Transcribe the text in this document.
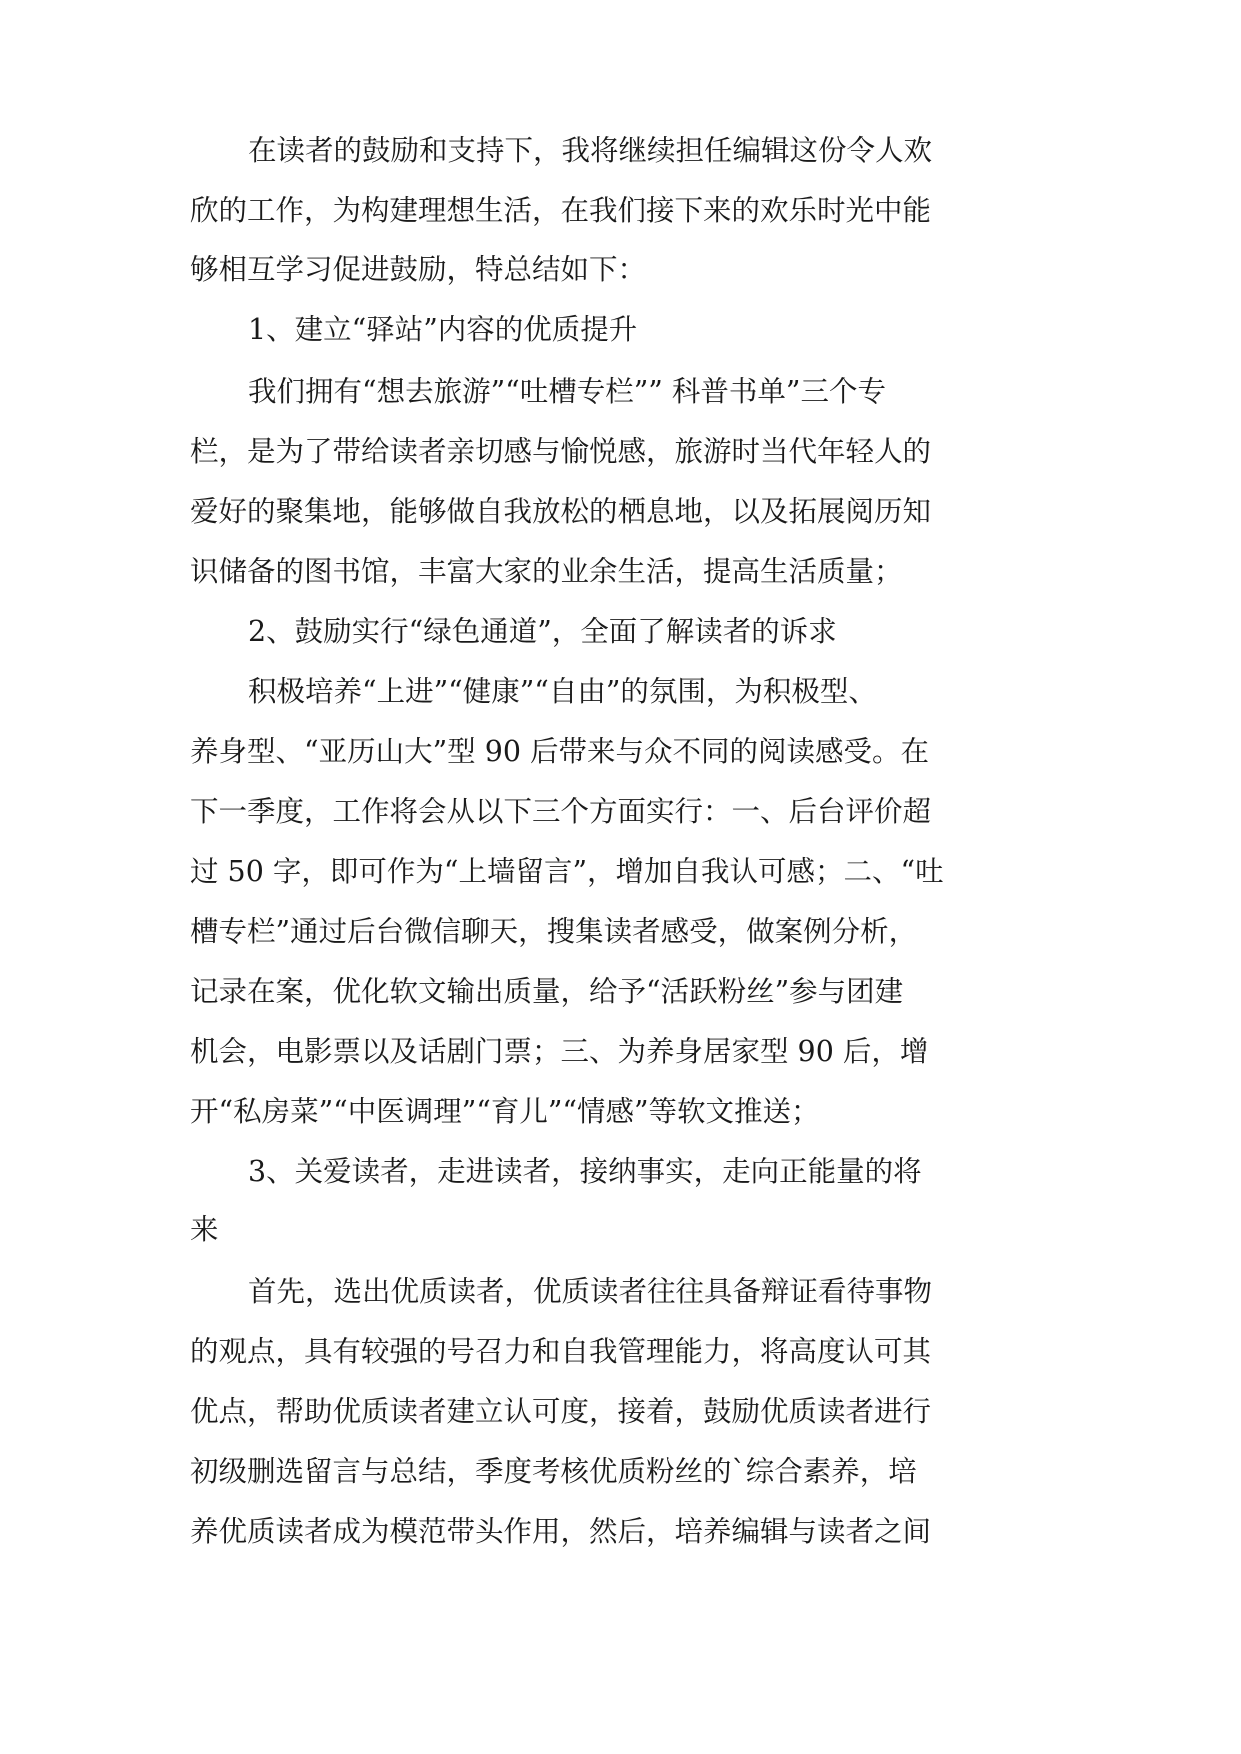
在读者的鼓励和支持下，我将继续担任编辑这份令人欢
欣的工作，为构建理想生活，在我们接下来的欢乐时光中能
够相互学习促进鼓励，特总结如下：
1、建立“驿站”内容的优质提升
我们拥有“想去旅游”“吐槽专栏”” 科普书单”三个专
栏，是为了带给读者亲切感与愉悦感，旅游时当代年轻人的
爱好的聚集地，能够做自我放松的栖息地，以及拓展阅历知
识储备的图书馆，丰富大家的业余生活，提高生活质量；
2、鼓励实行“绿色通道”，全面了解读者的诉求
积极培养“上进”“健康”“自由”的氛围，为积极型、
养身型、“亚历山大”型 90 后带来与众不同的阅读感受。在
下一季度，工作将会从以下三个方面实行：一、后台评价超
过 50 字，即可作为“上墙留言”，增加自我认可感；二、“吐
槽专栏”通过后台微信聊天，搜集读者感受，做案例分析，
记录在案，优化软文输出质量，给予“活跃粉丝”参与团建
机会，电影票以及话剧门票；三、为养身居家型 90 后，增
开“私房菜”“中医调理”“育儿”“情感”等软文推送；
3、关爱读者，走进读者，接纳事实，走向正能量的将
来
首先，选出优质读者，优质读者往往具备辩证看待事物
的观点，具有较强的号召力和自我管理能力，将高度认可其
优点，帮助优质读者建立认可度，接着，鼓励优质读者进行
初级删选留言与总结，季度考核优质粉丝的`综合素养，培
养优质读者成为模范带头作用，然后，培养编辑与读者之间
